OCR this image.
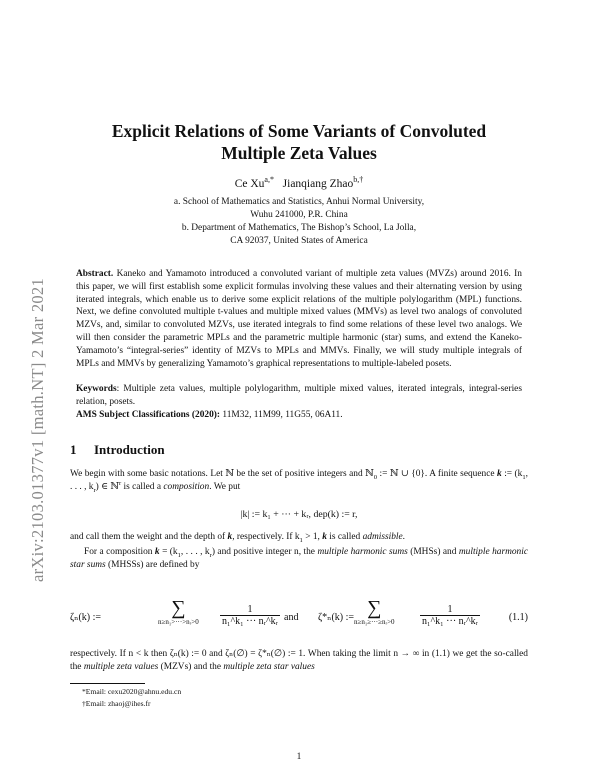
arXiv:2103.01377v1 [math.NT] 2 Mar 2021
Explicit Relations of Some Variants of Convoluted
Multiple Zeta Values
Ce $Xu^{a,*}$ Jianqiang Zhao$^{b,\dagger}$
a. School of Mathematics and Statistics, Anhui Normal University,
Wuhu 241000, P.R. China
b. Department of Mathematics, The Bishop’s School, La Jolla,
CA 92037, United States of America
Abstract. Kaneko and Yamamoto introduced a convoluted variant of multiple zeta values (MVZs) around 2016. In this paper, we will first establish some explicit formulas involving these values and their alternating version by using iterated integrals, which enable us to derive some explicit relations of the multiple polylogarithm (MPL) functions. Next, we define convoluted multiple t-values and multiple mixed values (MMVs) as level two analogs of convoluted MZVs, and, similar to convoluted MZVs, use iterated integrals to find some relations of these level two analogs. We will then consider the parametric MPLs and the parametric multiple harmonic (star) sums, and extend the Kaneko-Yamamoto’s “integral-series” identity of MZVs to MPLs and MMVs. Finally, we will study multiple integrals of MPLs and MMVs by generalizing Yamamoto’s graphical representations to multiple-labeled posets.
Keywords: Multiple zeta values, multiple polylogarithm, multiple mixed values, iterated integrals, integral-series relation, posets.
AMS Subject Classifications (2020): 11M32, 11M99, 11G55, 06A11.
1 Introduction
We begin with some basic notations. Let ℕ be the set of positive integers and ℕ$_0$ := ℕ ∪ {0}. A finite sequence k := ($k_1$, . . . , $k_r$) ∈ ℕ$^r$ is called a composition. We put
|k| := k₁ + ··· + kᵣ, dep(k) := r,
and call them the weight and the depth of k, respectively. If $k_1 > 1$, k is called admissible.
For a composition $k = (k_1$, . . . , $k_r$) and positive integer n, the multiple harmonic sums (MHSs) and multiple harmonic star sums (MHSSs) are defined by
ζₙ(k) :=	∑
n≥n₁>···>nᵣ>0 $\frac{1}{\text{n₁\textasciicircum{}k₁ ··· nᵣ\textasciicircum{}kᵣ}}$ and ζ*ₙ(k) := ∑
n≥n₁≥···≥nᵣ>0	$\frac{1}{\text{n₁\textasciicircum{}k₁ ··· nᵣ\textasciicircum{}kᵣ}}$	(1.1)
respectively. If n < k then ζₙ(k) := 0 and ζₙ(∅) = ζ*ₙ(∅) := 1. When taking the limit n → ∞ in (1.1) we get the so-called the multiple zeta values (MZVs) and the multiple zeta star values
*Email: cexu2020@ahnu.edu.cn
†Email: zhaoj@ihes.fr
1
